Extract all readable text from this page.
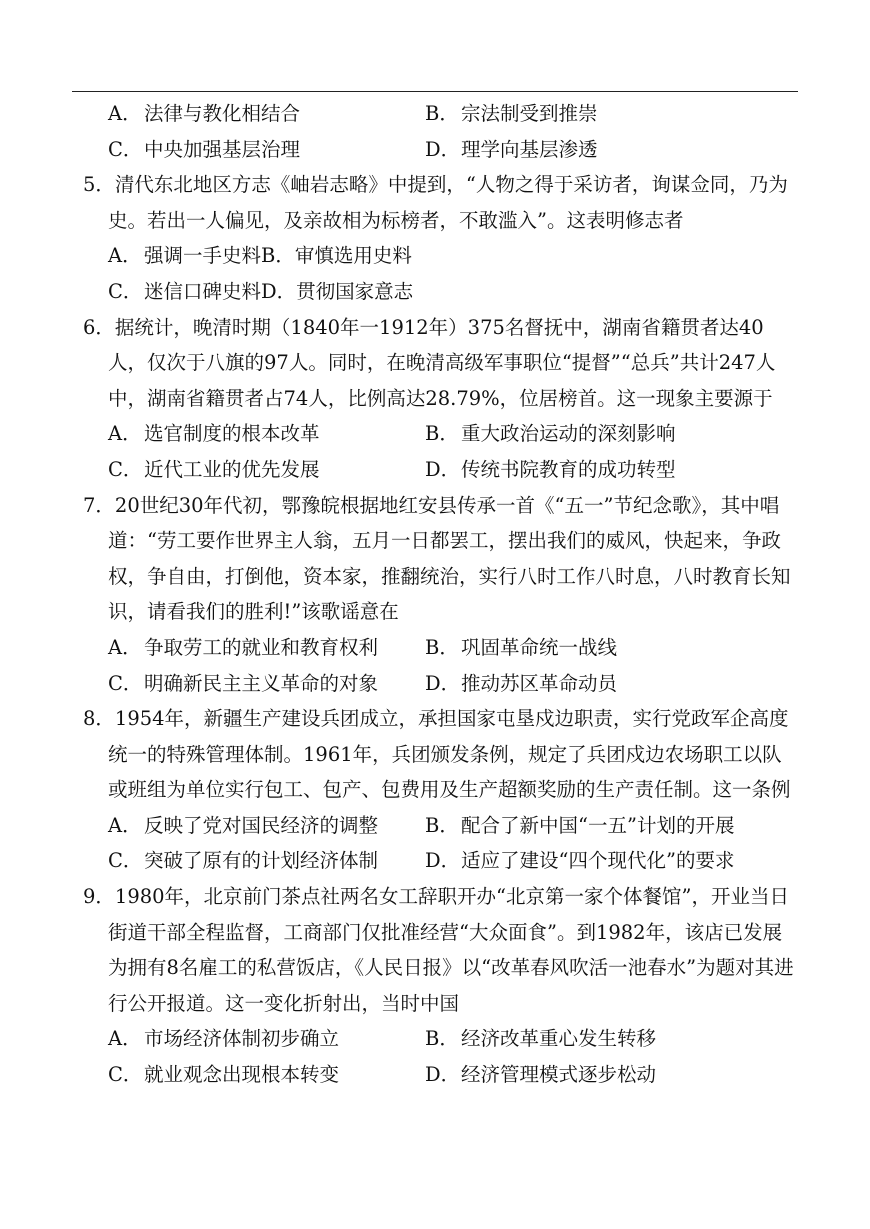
A． 法律与教化相结合	B． 宗法制受到推崇
C．中央加强基层治理	D．理学向基层渗透
5．清代东北地区方志《岫岩志略》中提到，“人物之得于采访者，询谋佥同，乃为史。若出一人偏见，及亲故相为标榜者，不敢滥入”。这表明修志者
A． 强调一手史料B．审慎选用史料
C．迷信口碑史料D．贯彻国家意志
6．据统计，晚清时期（1840年一1912年）375名督抚中，湖南省籍贯者达40人，仅次于八旗的97人。同时，在晚清高级军事职位“提督”“总兵”共计247人中，湖南省籍贯者占74人，比例高达28.79%，位居榜首。这一现象主要源于
A． 选官制度的根本改革	B． 重大政治运动的深刻影响
C．近代工业的优先发展	D．传统书院教育的成功转型
7．20世纪30年代初，鄂豫皖根据地红安县传承一首《“五一”节纪念歌》，其中唱道：“劳工要作世界主人翁，五月一日都罢工，摆出我们的威风，快起来，争政权，争自由，打倒他，资本家，推翻统治，实行八时工作八时息，八时教育长知识，请看我们的胜利!”该歌谣意在
A． 争取劳工的就业和教育权利 B． 巩固革命统一战线
C．明确新民主主义革命的对象 D．推动苏区革命动员
8．1954年，新疆生产建设兵团成立，承担国家屯垦戍边职责，实行党政军企高度统一的特殊管理体制。1961年，兵团颁发条例，规定了兵团戍边农场职工以队或班组为单位实行包工、包产、包费用及生产超额奖励的生产责任制。这一条例
A． 反映了党对国民经济的调整 B． 配合了新中国“一五”计划的开展
C．突破了原有的计划经济体制 D．适应了建设“四个现代化”的要求
9．1980年，北京前门茶点社两名女工辞职开办“北京第一家个体餐馆”，开业当日街道干部全程监督，工商部门仅批准经营“大众面食”。到1982年，该店已发展为拥有8名雇工的私营饭店，《人民日报》以“改革春风吹活一池春水”为题对其进行公开报道。这一变化折射出，当时中国
A． 市场经济体制初步确立	B． 经济改革重心发生转移
C．就业观念出现根本转变	D．经济管理模式逐步松动
